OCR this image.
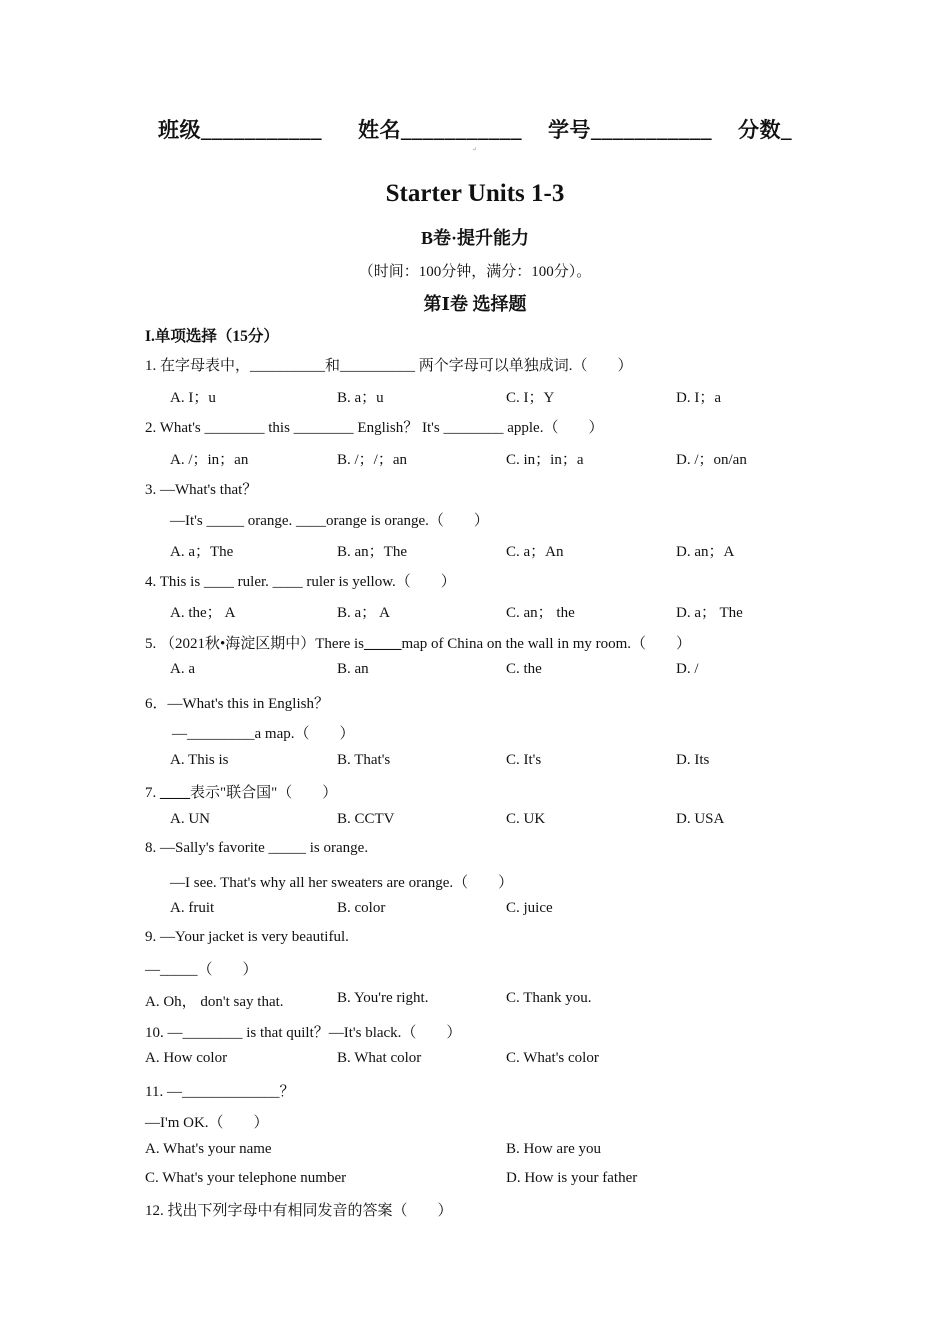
班级___________ 姓名___________ 学号___________ 分数_
↵
Starter Units 1-3
B卷·提升能力
（时间：100分钟，满分：100分）。
第Ⅰ卷 选择题
I.单项选择（15分）
1. 在字母表中，__________和__________ 两个字母可以单独成词.（　　）
A. I；u	B. a；u	C. I；Y	D. I；a
2. What's ________ this ________ English？ It's ________ apple.（　　）
A. /；in；an	B. /；/；an	C. in；in；a	D. /；on/an
3. —What's that？
—It's _____ orange. ____orange is orange.（　　）
A. a；The	B. an；The	C. a；An	D. an；A
4. This is ____ ruler. ____ ruler is yellow.（　　）
A. the； A	B. a； A	C. an； the	D. a； The
5. （2021秋•海淀区期中）There is_____map of China on the wall in my room.（　　）
A. a	B. an	C. the	D. /
6．—What's this in English？
—_________a map.（　　）
A. This is	B. That's	C. It's	D. Its
7. ____表示"联合国"（　　）
A. UN	B. CCTV	C. UK	D. USA
8. —Sally's favorite _____ is orange.
—I see. That's why all her sweaters are orange.（　　）
A. fruit	B. color	C. juice
9. —Your jacket is very beautiful.
—_____（　　）
A. Oh， don't say that.	B. You're right.	C. Thank you.
10. —________ is that quilt？—It's black.（　　）
A. How color	B. What color	C. What's color
11. —_____________？
—I'm OK.（　　）
A. What's your name	B. How are you
C. What's your telephone number	D. How is your father
12. 找出下列字母中有相同发音的答案（　　）
